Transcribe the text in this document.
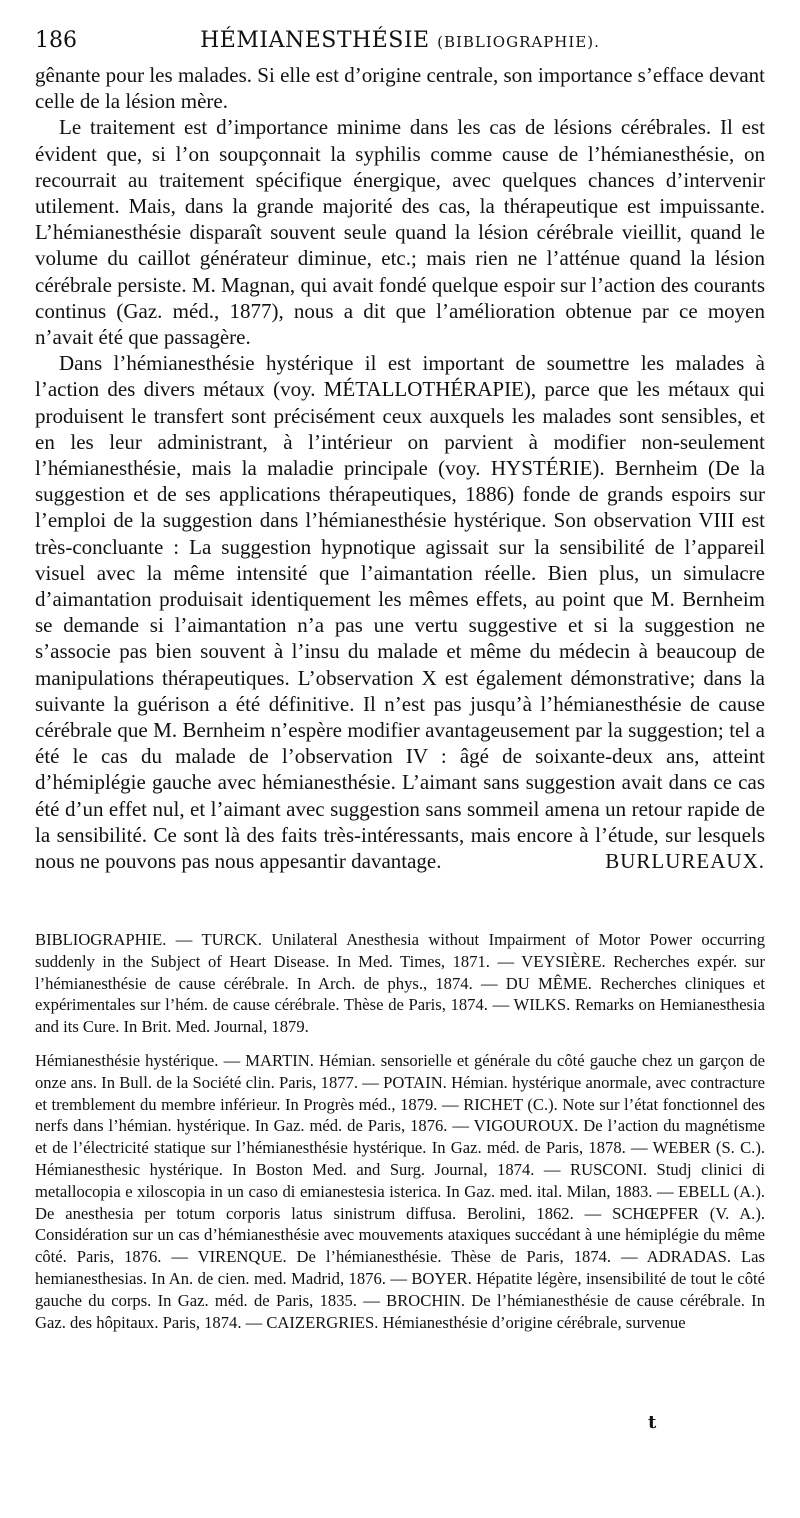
186	HÉMIANESTHÉSIE (BIBLIOGRAPHIE).

gênante pour les malades. Si elle est d’origine centrale, son importance s’efface devant celle de la lésion mère.

Le traitement est d’importance minime dans les cas de lésions cérébrales. Il est évident que, si l’on soupçonnait la syphilis comme cause de l’hémianesthésie, on recourrait au traitement spécifique énergique, avec quelques chances d’intervenir utilement. Mais, dans la grande majorité des cas, la thérapeutique est impuissante. L’hémianesthésie disparaît souvent seule quand la lésion cérébrale vieillit, quand le volume du caillot générateur diminue, etc.; mais rien ne l’atténue quand la lésion cérébrale persiste. M. Magnan, qui avait fondé quelque espoir sur l’action des courants continus (Gaz. méd., 1877), nous a dit que l’amélioration obtenue par ce moyen n’avait été que passagère.

Dans l’hémianesthésie hystérique il est important de soumettre les malades à l’action des divers métaux (voy. MÉTALLOTHÉRAPIE), parce que les métaux qui produisent le transfert sont précisément ceux auxquels les malades sont sensibles, et en les leur administrant, à l’intérieur on parvient à modifier non-seulement l’hémianesthésie, mais la maladie principale (voy. HYSTÉRIE). Bernheim (De la suggestion et de ses applications thérapeutiques, 1886) fonde de grands espoirs sur l’emploi de la suggestion dans l’hémianesthésie hystérique. Son observation VIII est très-concluante : La suggestion hypnotique agissait sur la sensibilité de l’appareil visuel avec la même intensité que l’aimantation réelle. Bien plus, un simulacre d’aimantation produisait identiquement les mêmes effets, au point que M. Bernheim se demande si l’aimantation n’a pas une vertu suggestive et si la suggestion ne s’associe pas bien souvent à l’insu du malade et même du médecin à beaucoup de manipulations thérapeutiques. L’observation X est également démonstrative; dans la suivante la guérison a été définitive. Il n’est pas jusqu’à l’hémianesthésie de cause cérébrale que M. Bernheim n’espère modifier avantageusement par la suggestion; tel a été le cas du malade de l’observation IV : âgé de soixante-deux ans, atteint d’hémiplégie gauche avec hémianesthésie. L’aimant sans suggestion avait dans ce cas été d’un effet nul, et l’aimant avec suggestion sans sommeil amena un retour rapide de la sensibilité. Ce sont là des faits très-intéressants, mais encore à l’étude, sur lesquels nous ne pouvons pas nous appesantir davantage.	BURLUREAUX.

BIBLIOGRAPHIE. — TURCK. Unilateral Anesthesia without Impairment of Motor Power occurring suddenly in the Subject of Heart Disease. In Med. Times, 1871. — VEYSIÈRE. Recherches expér. sur l’hémianesthésie de cause cérébrale. In Arch. de phys., 1874. — DU MÊME. Recherches cliniques et expérimentales sur l’hém. de cause cérébrale. Thèse de Paris, 1874. — WILKS. Remarks on Hemianesthesia and its Cure. In Brit. Med. Journal, 1879.

Hémianesthésie hystérique. — MARTIN. Hémian. sensorielle et générale du côté gauche chez un garçon de onze ans. In Bull. de la Société clin. Paris, 1877. — POTAIN. Hémian. hystérique anormale, avec contracture et tremblement du membre inférieur. In Progrès méd., 1879. — RICHET (C.). Note sur l’état fonctionnel des nerfs dans l’hémian. hystérique. In Gaz. méd. de Paris, 1876. — VIGOUROUX. De l’action du magnétisme et de l’électricité statique sur l’hémianesthésie hystérique. In Gaz. méd. de Paris, 1878. — WEBER (S. C.). Hémianesthesic hystérique. In Boston Med. and Surg. Journal, 1874. — RUSCONI. Studj clinici di metallocopia e xiloscopia in un caso di emianestesia isterica. In Gaz. med. ital. Milan, 1883. — EBELL (A.). De anesthesia per totum corporis latus sinistrum diffusa. Berolini, 1862. — SCHŒPFER (V. A.). Considération sur un cas d’hémianesthésie avec mouvements ataxiques succédant à une hémiplégie du même côté. Paris, 1876. — VIRENQUE. De l’hémianesthésie. Thèse de Paris, 1874. — ADRADAS. Las hemianesthesias. In An. de cien. med. Madrid, 1876. — BOYER. Hépatite légère, insensibilité de tout le côté gauche du corps. In Gaz. méd. de Paris, 1835. — BROCHIN. De l’hémianesthésie de cause cérébrale. In Gaz. des hôpitaux. Paris, 1874. — CAIZERGRIES. Hémianesthésie d’origine cérébrale, survenue

t
